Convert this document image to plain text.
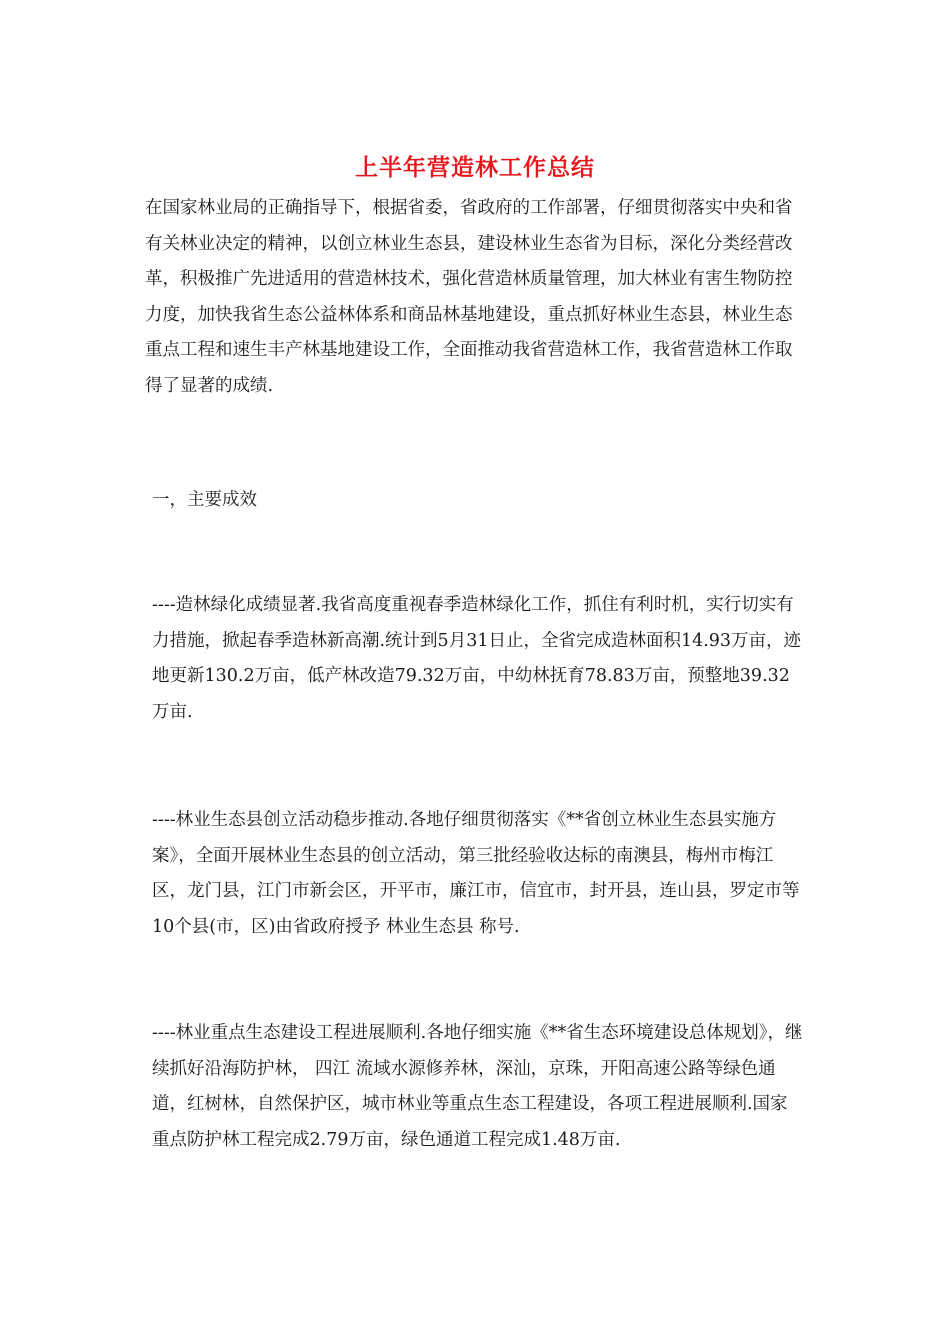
上半年营造林工作总结

在国家林业局的正确指导下，根据省委，省政府的工作部署，仔细贯彻落实中央和省有关林业决定的精神，以创立林业生态县，建设林业生态省为目标，深化分类经营改革，积极推广先进适用的营造林技术，强化营造林质量管理，加大林业有害生物防控力度，加快我省生态公益林体系和商品林基地建设，重点抓好林业生态县，林业生态重点工程和速生丰产林基地建设工作，全面推动我省营造林工作，我省营造林工作取得了显著的成绩.

一，主要成效

----造林绿化成绩显著.我省高度重视春季造林绿化工作，抓住有利时机，实行切实有力措施，掀起春季造林新高潮.统计到5月31日止，全省完成造林面积14.93万亩，迹地更新130.2万亩，低产林改造79.32万亩，中幼林抚育78.83万亩，预整地39.32万亩.

----林业生态县创立活动稳步推动.各地仔细贯彻落实《**省创立林业生态县实施方案》，全面开展林业生态县的创立活动，第三批经验收达标的南澳县，梅州市梅江区，龙门县，江门市新会区，开平市，廉江市，信宜市，封开县，连山县，罗定市等10个县(市，区)由省政府授予 林业生态县 称号.

----林业重点生态建设工程进展顺利.各地仔细实施《**省生态环境建设总体规划》，继续抓好沿海防护林， 四江 流域水源修养林，深汕，京珠，开阳高速公路等绿色通道，红树林，自然保护区，城市林业等重点生态工程建设，各项工程进展顺利.国家重点防护林工程完成2.79万亩，绿色通道工程完成1.48万亩.
